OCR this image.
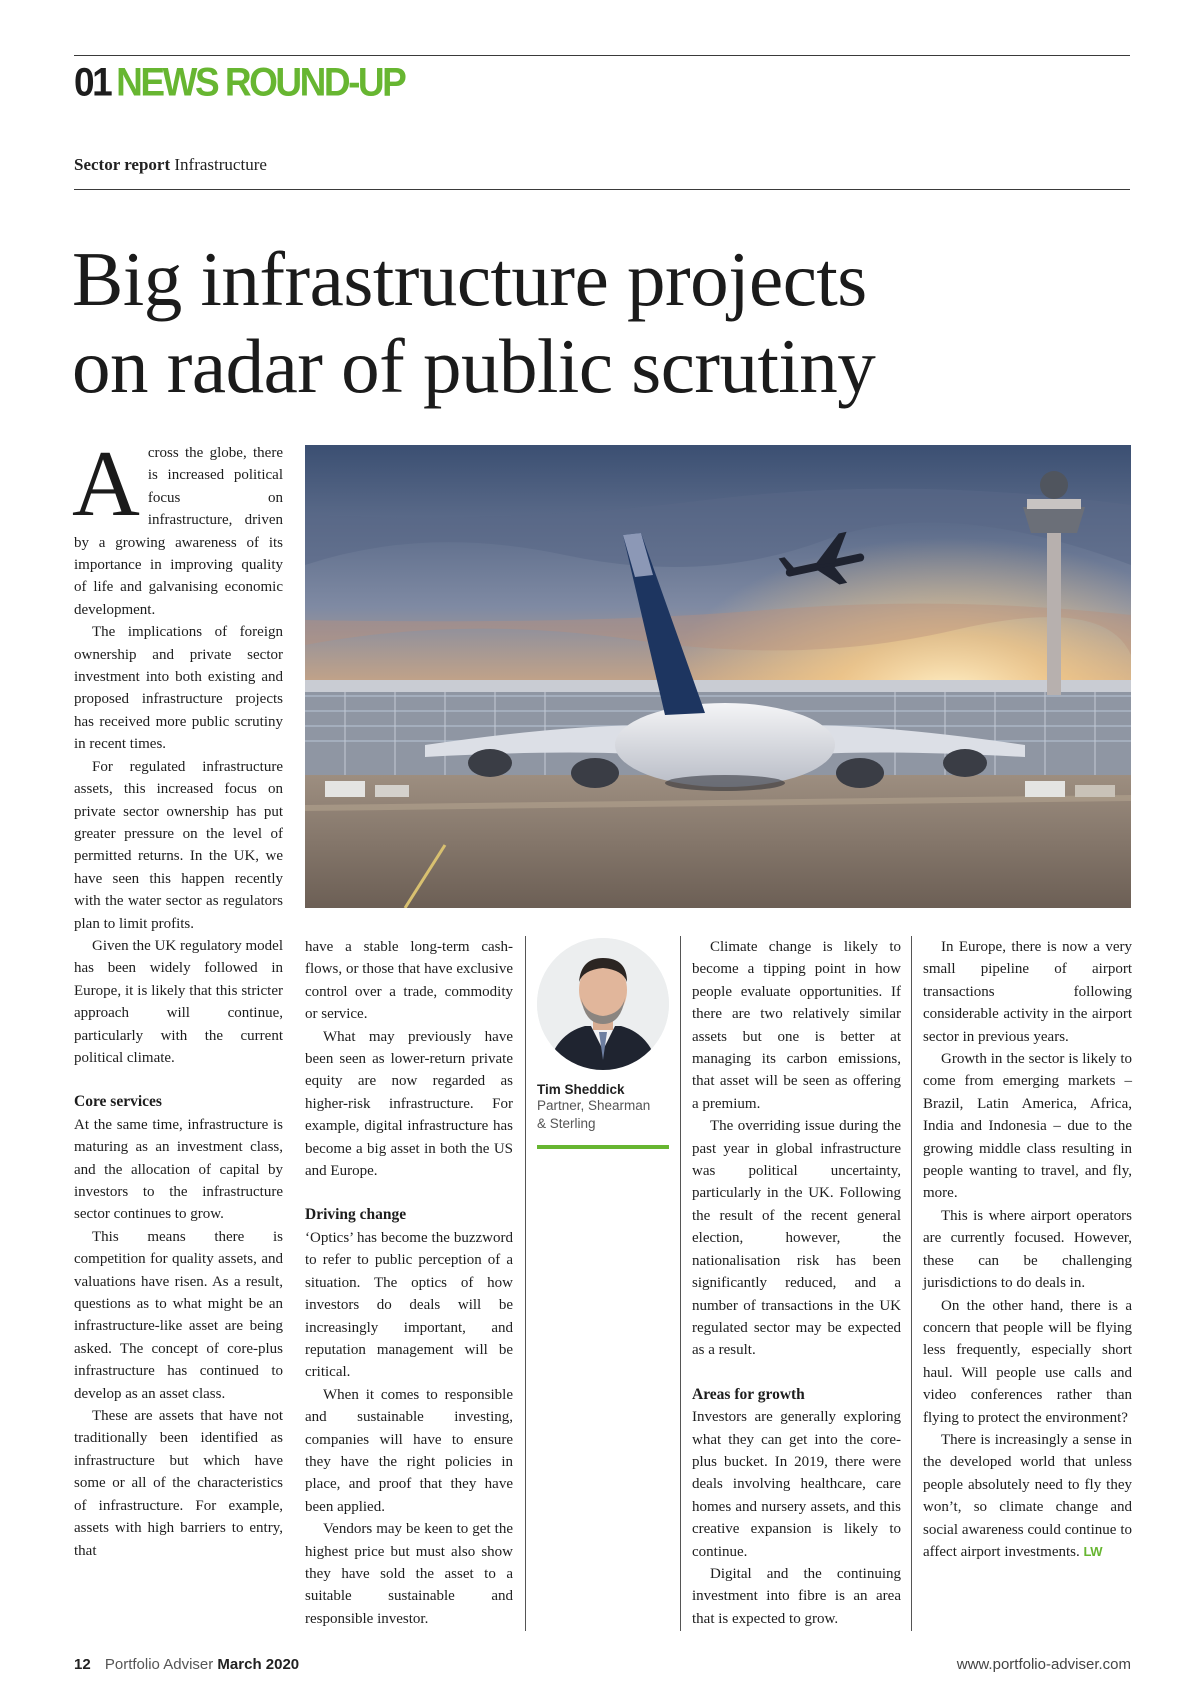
01 NEWS ROUND-UP
Sector report Infrastructure
Big infrastructure projects
on radar of public scrutiny

Across the globe, there is increased political focus on infrastructure, driven by a growing awareness of its importance in improving quality of life and galvanising economic development.

The implications of foreign ownership and private sector investment into both existing and proposed infrastructure projects has received more public scrutiny in recent times.

For regulated infrastructure assets, this increased focus on private sector ownership has put greater pressure on the level of permitted returns. In the UK, we have seen this happen recently with the water sector as regulators plan to limit profits.

Given the UK regulatory model has been widely followed in Europe, it is likely that this stricter approach will continue, particularly with the current political climate.

Core services

At the same time, infrastructure is maturing as an investment class, and the allocation of capital by investors to the infrastructure sector continues to grow.

This means there is competition for quality assets, and valuations have risen. As a result, questions as to what might be an infrastructure-like asset are being asked. The concept of core-plus infrastructure has continued to develop as an asset class.

These are assets that have not traditionally been identified as infrastructure but which have some or all of the characteristics of infrastructure. For example, assets with high barriers to entry, that

have a stable long-term cash-flows, or those that have exclusive control over a trade, commodity or service.

What may previously have been seen as lower-return private equity are now regarded as higher-risk infrastructure. For example, digital infrastructure has become a big asset in both the US and Europe.

Driving change

‘Optics’ has become the buzzword to refer to public perception of a situation. The optics of how investors do deals will be increasingly important, and reputation management will be critical.

When it comes to responsible and sustainable investing, companies will have to ensure they have the right policies in place, and proof that they have been applied.

Vendors may be keen to get the highest price but must also show they have sold the asset to a suitable sustainable and responsible investor.

Tim Sheddick
Partner, Shearman
& Sterling

Climate change is likely to become a tipping point in how people evaluate opportunities. If there are two relatively similar assets but one is better at managing its carbon emissions, that asset will be seen as offering a premium.

The overriding issue during the past year in global infrastructure was political uncertainty, particularly in the UK. Following the result of the recent general election, however, the nationalisation risk has been significantly reduced, and a number of transactions in the UK regulated sector may be expected as a result.

Areas for growth

Investors are generally exploring what they can get into the core-plus bucket. In 2019, there were deals involving healthcare, care homes and nursery assets, and this creative expansion is likely to continue.

Digital and the continuing investment into fibre is an area that is expected to grow.

In Europe, there is now a very small pipeline of airport transactions following considerable activity in the airport sector in previous years.

Growth in the sector is likely to come from emerging markets – Brazil, Latin America, Africa, India and Indonesia – due to the growing middle class resulting in people wanting to travel, and fly, more.

This is where airport operators are currently focused. However, these can be challenging jurisdictions to do deals in.

On the other hand, there is a concern that people will be flying less frequently, especially short haul. Will people use calls and video conferences rather than flying to protect the environment?

There is increasingly a sense in the developed world that unless people absolutely need to fly they won’t, so climate change and social awareness could continue to affect airport investments. LW

12 Portfolio Adviser March 2020	www.portfolio-adviser.com
